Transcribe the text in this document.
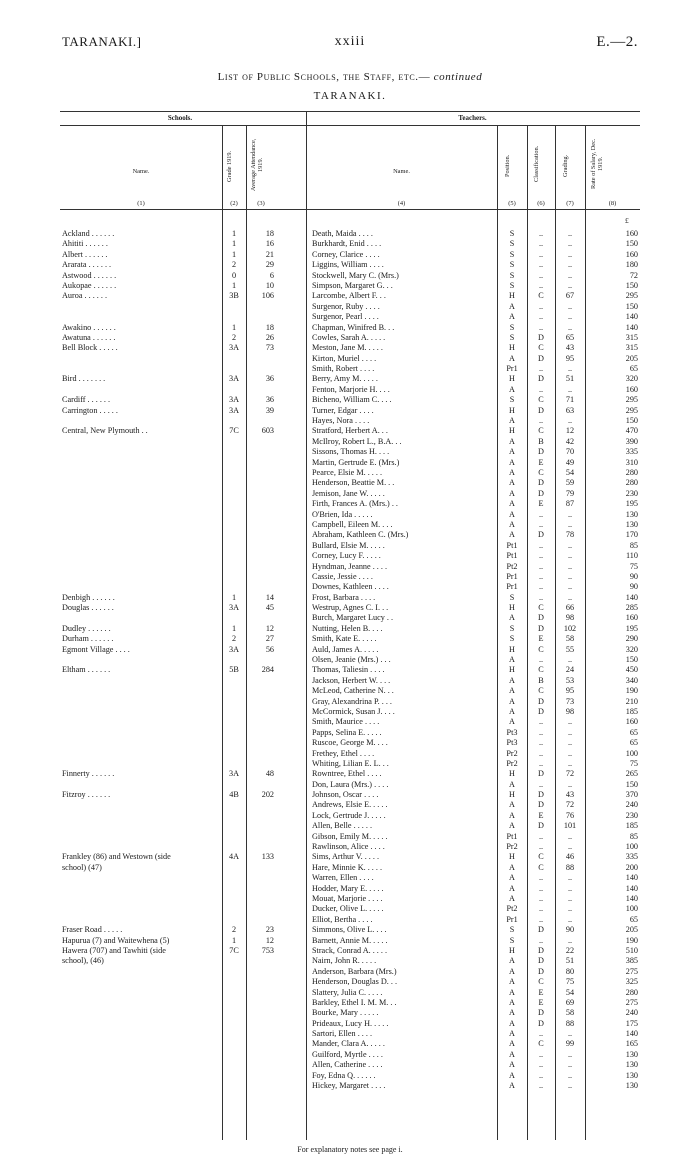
TARANAKI.]	xxiii	E.—2.
List of Public Schools, the Staff, etc.— continued
TARANAKI.
Schools.	Teachers.
Name.	Grade 1919.	Average Attendance, 1919.	Name.	Position.	Classification.	Grading.	Rate of Salary, Dec. 1919.
(1)	(2)	(3)	(4)	(5)	(6)	(7)	(8)
£
Ackland . . . . . .	1	18	Death, Maida . . . .	S	..	..	160
Ahititi . . . . . .	1	16	Burkhardt, Enid . . . .	S	..	..	150
Albert . . . . . .	1	21	Corney, Clarice . . . .	S	..	..	160
Ararata . . . . . .	2	29	Liggins, William . . . .	S	..	..	180
Astwood . . . . . .	0	6	Stockwell, Mary C. (Mrs.)	S	..	..	72
Aukopae . . . . . .	1	10	Simpson, Margaret G. . .	S	..	..	150
Auroa . . . . . .	3B	106	Larcombe, Albert F. . .	H	C	67	295
Surgenor, Ruby . . . .	A	..	..	150
Surgenor, Pearl . . . .	A	..	..	140
Awakino . . . . . .	1	18	Chapman, Winifred B. . .	S	..	..	140
Awatuna . . . . . .	2	26	Cowles, Sarah A. . . . .	S	D	65	315
Bell Block . . . . .	3A	73	Meston, Jane M. . . . .	H	C	43	315
Kirton, Muriel . . . .	A	D	95	205
Smith, Robert . . . .	Pr1	..	..	65
Bird . . . . . . .	3A	36	Berry, Amy M. . . . .	H	D	51	320
Fenton, Marjorie H. . . .	A	..	..	160
Cardiff . . . . . .	3A	36	Bicheno, William C. . . .	S	C	71	295
Carrington . . . . .	3A	39	Turner, Edgar . . . .	H	D	63	295
Hayes, Nora . . . .	A	..	..	150
Central, New Plymouth . .	7C	603	Stratford, Herbert A. . .	H	C	12	470
McIlroy, Robert L., B.A. . .	A	B	42	390
Sissons, Thomas H. . . .	A	D	70	335
Martin, Gertrude E. (Mrs.)	A	E	49	310
Pearce, Elsie M. . . . .	A	C	54	280
Henderson, Beattie M. . .	A	D	59	280
Jemison, Jane W. . . . .	A	D	79	230
Firth, Frances A. (Mrs.) . .	A	E	87	195
O'Brien, Ida . . . . .	A	..	..	130
Campbell, Eileen M. . . .	A	..	..	130
Abraham, Kathleen C. (Mrs.)	A	D	78	170
Bullard, Elsie M. . . . .	Pt1	..	..	85
Corney, Lucy F. . . . .	Pt1	..	..	110
Hyndman, Jeanne . . . .	Pt2	..	..	75
Cassie, Jessie . . . .	Pr1	..	..	90
Downes, Kathleen . . . .	Pr1	..	..	90
Denbigh . . . . . .	1	14	Frost, Barbara . . . .	S	..	..	140
Douglas . . . . . .	3A	45	Westrup, Agnes C. I. . .	H	C	66	285
Burch, Margaret Lucy . .	A	D	98	160
Dudley . . . . . .	1	12	Nutting, Helen B. . . .	S	D	102	195
Durham . . . . . .	2	27	Smith, Kate E. . . . .	S	E	58	290
Egmont Village . . . .	3A	56	Auld, James A. . . . .	H	C	55	320
Olsen, Jeanie (Mrs.) . . .	A	..	..	150
Eltham . . . . . .	5B	284	Thomas, Taliesin . . . .	H	C	24	450
Jackson, Herbert W. . . .	A	B	53	340
McLeod, Catherine N. . .	A	C	95	190
Gray, Alexandrina P. . . .	A	D	73	210
McCormick, Susan J. . . .	A	D	98	185
Smith, Maurice . . . .	A	..	..	160
Papps, Selina E. . . . .	Pt3	..	..	65
Ruscoe, George M. . . .	Pt3	..	..	65
Frethey, Ethel . . . .	Pr2	..	..	100
Whiting, Lilian E. L. . .	Pr2	..	..	75
Finnerty . . . . . .	3A	48	Rowntree, Ethel . . . .	H	D	72	265
Don, Laura (Mrs.) . . . .	A	..	..	150
Fitzroy . . . . . .	4B	202	Johnson, Oscar . . . .	H	D	43	370
Andrews, Elsie E. . . . .	A	D	72	240
Lock, Gertrude J. . . . .	A	E	76	230
Allen, Belle . . . . .	A	D	101	185
Gibson, Emily M. . . . .	Pt1	..	..	85
Rawlinson, Alice . . . .	Pr2	..	..	100
Frankley (86) and Westown (side	4A	133	Sims, Arthur V. . . . .	H	C	46	335
school) (47)	Hare, Minnie K. . . . .	A	C	88	200
Warren, Ellen . . . .	A	..	..	140
Hodder, Mary E. . . . .	A	..	..	140
Mouat, Marjorie . . . .	A	..	..	140
Ducker, Olive L. . . . .	Pt2	..	..	100
Elliot, Bertha . . . .	Pr1	..	..	65
Fraser Road . . . . .	2	23	Simmons, Olive L. . . .	S	D	90	205
Hapurua (7) and Waitewhena (5)	1	12	Barnett, Annie M. . . . .	S	..	..	190
Hawera (707) and Tawhiti (side	7C	753	Strack, Conrad A. . . . .	H	D	22	510
school), (46)	Nairn, John R. . . . .	A	D	51	385
Anderson, Barbara (Mrs.)	A	D	80	275
Henderson, Douglas D. . .	A	C	75	325
Slattery, Julia C. . . . .	A	E	54	280
Barkley, Ethel I. M. M. . .	A	E	69	275
Bourke, Mary . . . . .	A	D	58	240
Prideaux, Lucy H. . . . .	A	D	88	175
Sartori, Ellen . . . .	A	..	..	140
Mander, Clara A. . . . .	A	C	99	165
Guilford, Myrtle . . . .	A	..	..	130
Allen, Catherine . . . .	A	..	..	130
Foy, Edna Q. . . . . .	A	..	..	130
Hickey, Margaret . . . .	A	..	..	130
For explanatory notes see page i.
